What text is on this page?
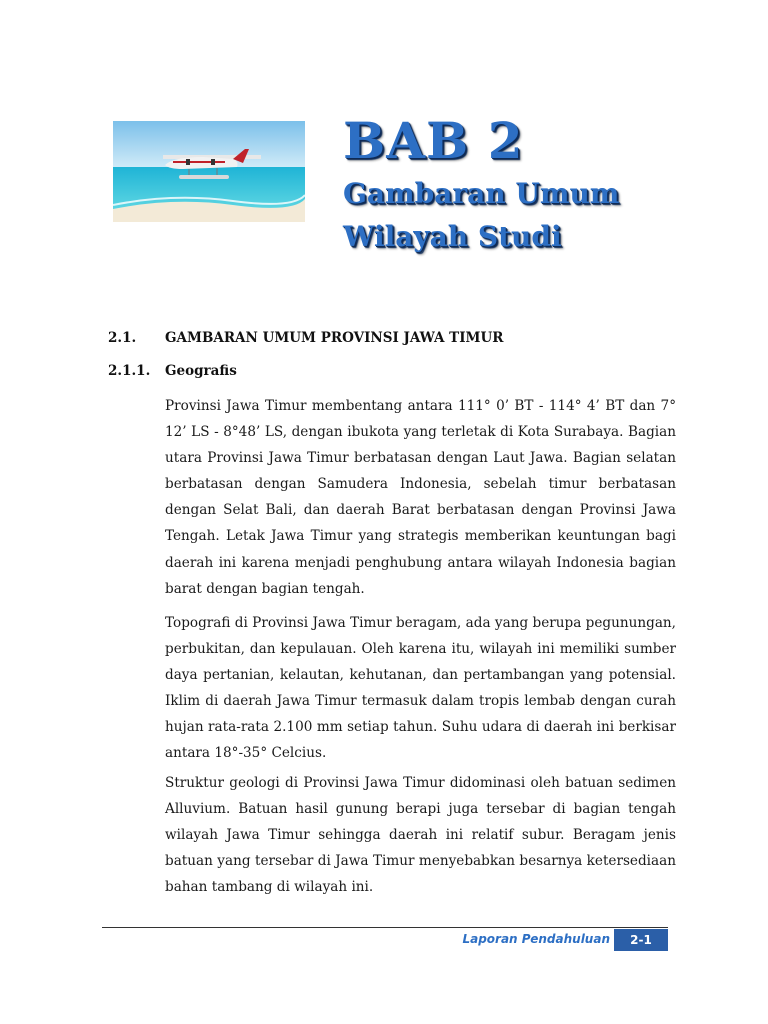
BAB 2
Gambaran Umum
Wilayah Studi
2.1. GAMBARAN UMUM PROVINSI JAWA TIMUR
2.1.1. Geografis

Provinsi Jawa Timur membentang antara 111° 0’ BT - 114° 4’ BT dan 7° 12’ LS - 8°48’ LS, dengan ibukota yang terletak di Kota Surabaya. Bagian utara Provinsi Jawa Timur berbatasan dengan Laut Jawa. Bagian selatan berbatasan dengan Samudera Indonesia, sebelah timur berbatasan dengan Selat Bali, dan daerah Barat berbatasan dengan Provinsi Jawa Tengah. Letak Jawa Timur yang strategis memberikan keuntungan bagi daerah ini karena menjadi penghubung antara wilayah Indonesia bagian barat dengan bagian tengah.

Topografi di Provinsi Jawa Timur beragam, ada yang berupa pegunungan, perbukitan, dan kepulauan. Oleh karena itu, wilayah ini memiliki sumber daya pertanian, kelautan, kehutanan, dan pertambangan yang potensial. Iklim di daerah Jawa Timur termasuk dalam tropis lembab dengan curah hujan rata-rata 2.100 mm setiap tahun. Suhu udara di daerah ini berkisar antara 18°-35° Celcius.

Struktur geologi di Provinsi Jawa Timur didominasi oleh batuan sedimen Alluvium. Batuan hasil gunung berapi juga tersebar di bagian tengah wilayah Jawa Timur sehingga daerah ini relatif subur. Beragam jenis batuan yang tersebar di Jawa Timur menyebabkan besarnya ketersediaan bahan tambang di wilayah ini.

Laporan Pendahuluan	2-1
